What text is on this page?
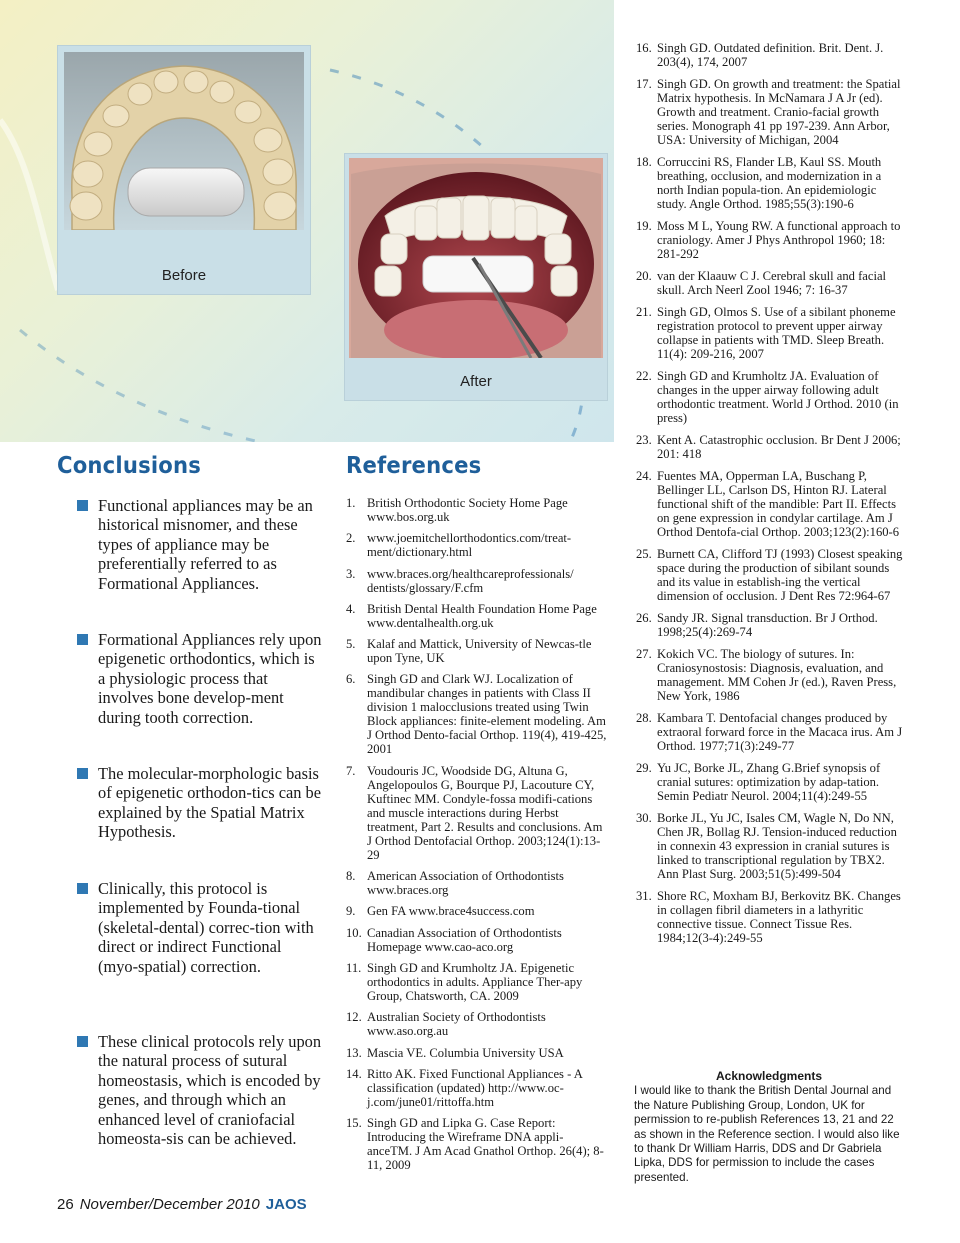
Before
After
Conclusions	References
Functional appliances may be an historical misnomer, and these types of appliance may be preferentially referred to as Formational Appliances.
Formational Appliances rely upon epigenetic orthodontics, which is a physiologic process that involves bone develop-ment during tooth correction.
The molecular-morphologic basis of epigenetic orthodon-tics can be explained by the Spatial Matrix Hypothesis.
Clinically, this protocol is implemented by Founda-tional (skeletal-dental) correc-tion with direct or indirect Functional (myo-spatial) correction.
These clinical protocols rely upon the natural process of sutural homeostasis, which is encoded by genes, and through which an enhanced level of craniofacial homeosta-sis can be achieved.
1. British Orthodontic Society Home Page www.bos.org.uk
2. www.joemitchellorthodontics.com/treat-ment/dictionary.html
3. www.braces.org/healthcareprofessionals/ dentists/glossary/F.cfm
4. British Dental Health Foundation Home Page www.dentalhealth.org.uk
5. Kalaf and Mattick, University of Newcas-tle upon Tyne, UK
6. Singh GD and Clark WJ. Localization of mandibular changes in patients with Class II division 1 malocclusions treated using Twin Block appliances: finite-element modeling. Am J Orthod Dento-facial Orthop. 119(4), 419-425, 2001
7. Voudouris JC, Woodside DG, Altuna G, Angelopoulos G, Bourque PJ, Lacouture CY, Kuftinec MM. Condyle-fossa modifi-cations and muscle interactions during Herbst treatment, Part 2. Results and conclusions. Am J Orthod Dentofacial Orthop. 2003;124(1):13-29
8. American Association of Orthodontists www.braces.org
9. Gen FA www.brace4success.com
10. Canadian Association of Orthodontists Homepage www.cao-aco.org
11. Singh GD and Krumholtz JA. Epigenetic orthodontics in adults. Appliance Ther-apy Group, Chatsworth, CA. 2009
12. Australian Society of Orthodontists www.aso.org.au
13. Mascia VE. Columbia University USA
14. Ritto AK. Fixed Functional Appliances - A classification (updated) http://www.oc-j.com/june01/rittoffa.htm
15. Singh GD and Lipka G. Case Report: Introducing the Wireframe DNA appli-anceTM. J Am Acad Gnathol Orthop. 26(4); 8-11, 2009
16. Singh GD. Outdated definition. Brit. Dent. J. 203(4), 174, 2007
17. Singh GD. On growth and treatment: the Spatial Matrix hypothesis. In McNamara J A Jr (ed). Growth and treatment. Cranio-facial growth series. Monograph 41 pp 197-239. Ann Arbor, USA: University of Michigan, 2004
18. Corruccini RS, Flander LB, Kaul SS. Mouth breathing, occlusion, and modernization in a north Indian popula-tion. An epidemiologic study. Angle Orthod. 1985;55(3):190-6
19. Moss M L, Young RW. A functional approach to craniology. Amer J Phys Anthropol 1960; 18: 281-292
20. van der Klaauw C J. Cerebral skull and facial skull. Arch Neerl Zool 1946; 7: 16-37
21. Singh GD, Olmos S. Use of a sibilant phoneme registration protocol to prevent upper airway collapse in patients with TMD. Sleep Breath. 11(4): 209-216, 2007
22. Singh GD and Krumholtz JA. Evaluation of changes in the upper airway following adult orthodontic treatment. World J Orthod. 2010 (in press)
23. Kent A. Catastrophic occlusion. Br Dent J 2006; 201: 418
24. Fuentes MA, Opperman LA, Buschang P, Bellinger LL, Carlson DS, Hinton RJ. Lateral functional shift of the mandible: Part II. Effects on gene expression in condylar cartilage. Am J Orthod Dentofa-cial Orthop. 2003;123(2):160-6
25. Burnett CA, Clifford TJ (1993) Closest speaking space during the production of sibilant sounds and its value in establish-ing the vertical dimension of occlusion. J Dent Res 72:964-67
26. Sandy JR. Signal transduction. Br J Orthod. 1998;25(4):269-74
27. Kokich VC. The biology of sutures. In: Craniosynostosis: Diagnosis, evaluation, and management. MM Cohen Jr (ed.), Raven Press, New York, 1986
28. Kambara T. Dentofacial changes produced by extraoral forward force in the Macaca irus. Am J Orthod. 1977;71(3):249-77
29. Yu JC, Borke JL, Zhang G.Brief synopsis of cranial sutures: optimization by adap-tation. Semin Pediatr Neurol. 2004;11(4):249-55
30. Borke JL, Yu JC, Isales CM, Wagle N, Do NN, Chen JR, Bollag RJ. Tension-induced reduction in connexin 43 expression in cranial sutures is linked to transcriptional regulation by TBX2. Ann Plast Surg. 2003;51(5):499-504
31. Shore RC, Moxham BJ, Berkovitz BK. Changes in collagen fibril diameters in a lathyritic connective tissue. Connect Tissue Res. 1984;12(3-4):249-55
Acknowledgments

I would like to thank the British Dental Journal and the Nature Publishing Group, London, UK for permission to re-publish References 13, 21 and 22 as shown in the Reference section. I would also like to thank Dr William Harris, DDS and Dr Gabriela Lipka, DDS for permission to include the cases presented.

26 November/December 2010 JAOS
